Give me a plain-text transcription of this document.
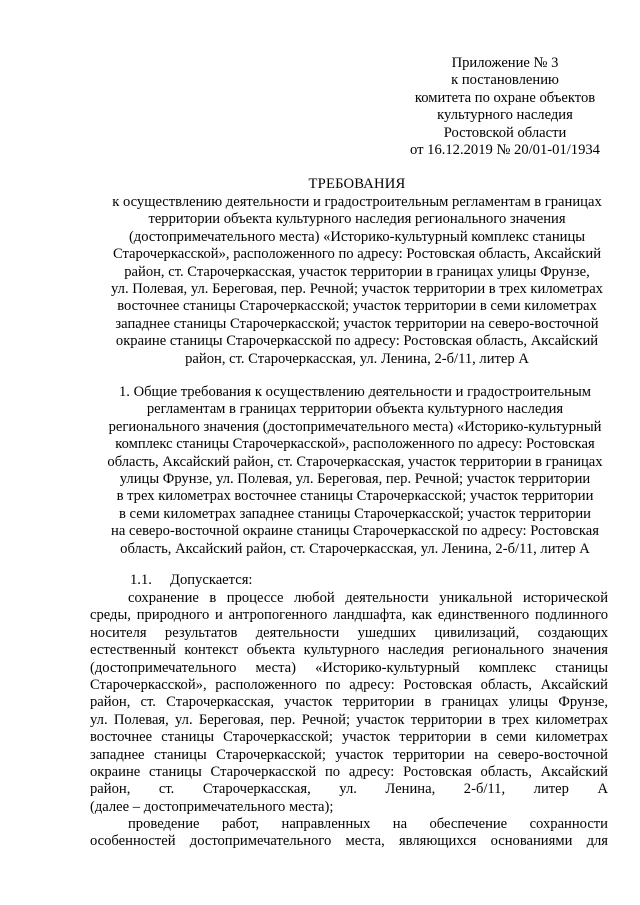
Приложение № 3
к постановлению
комитета по охране объектов
культурного наследия
Ростовской области
от 16.12.2019 № 20/01-01/1934
ТРЕБОВАНИЯ
к осуществлению деятельности и градостроительным регламентам в границах
территории объекта культурного наследия регионального значения
(достопримечательного места) «Историко-культурный комплекс станицы
Старочеркасской», расположенного по адресу: Ростовская область, Аксайский
район, ст. Старочеркасская, участок территории в границах улицы Фрунзе,
ул. Полевая, ул. Береговая, пер. Речной; участок территории в трех километрах
восточнее станицы Старочеркасской; участок территории в семи километрах
западнее станицы Старочеркасской; участок территории на северо-восточной
окраине станицы Старочеркасской по адресу: Ростовская область, Аксайский
район, ст. Старочеркасская, ул. Ленина, 2-б/11, литер А
1. Общие требования к осуществлению деятельности и градостроительным
регламентам в границах территории объекта культурного наследия
регионального значения (достопримечательного места) «Историко-культурный
комплекс станицы Старочеркасской», расположенного по адресу: Ростовская
область, Аксайский район, ст. Старочеркасская, участок территории в границах
улицы Фрунзе, ул. Полевая, ул. Береговая, пер. Речной; участок территории
в трех километрах восточнее станицы Старочеркасской; участок территории
в семи километрах западнее станицы Старочеркасской; участок территории
на северо-восточной окраине станицы Старочеркасской по адресу: Ростовская
область, Аксайский район, ст. Старочеркасская, ул. Ленина, 2-б/11, литер А
1.1. Допускается:
сохранение в процессе любой деятельности уникальной исторической
среды, природного и антропогенного ландшафта, как единственного подлинного
носителя результатов деятельности ушедших цивилизаций, создающих
естественный контекст объекта культурного наследия регионального значения
(достопримечательного места) «Историко-культурный комплекс станицы
Старочеркасской», расположенного по адресу: Ростовская область, Аксайский
район, ст. Старочеркасская, участок территории в границах улицы Фрунзе,
ул. Полевая, ул. Береговая, пер. Речной; участок территории в трех километрах
восточнее станицы Старочеркасской; участок территории в семи километрах
западнее станицы Старочеркасской; участок территории на северо-восточной
окраине станицы Старочеркасской по адресу: Ростовская область, Аксайский
район, ст. Старочеркасская, ул. Ленина, 2-б/11, литер А
(далее – достопримечательного места);
проведение работ, направленных на обеспечение сохранности
особенностей достопримечательного места, являющихся основаниями для
